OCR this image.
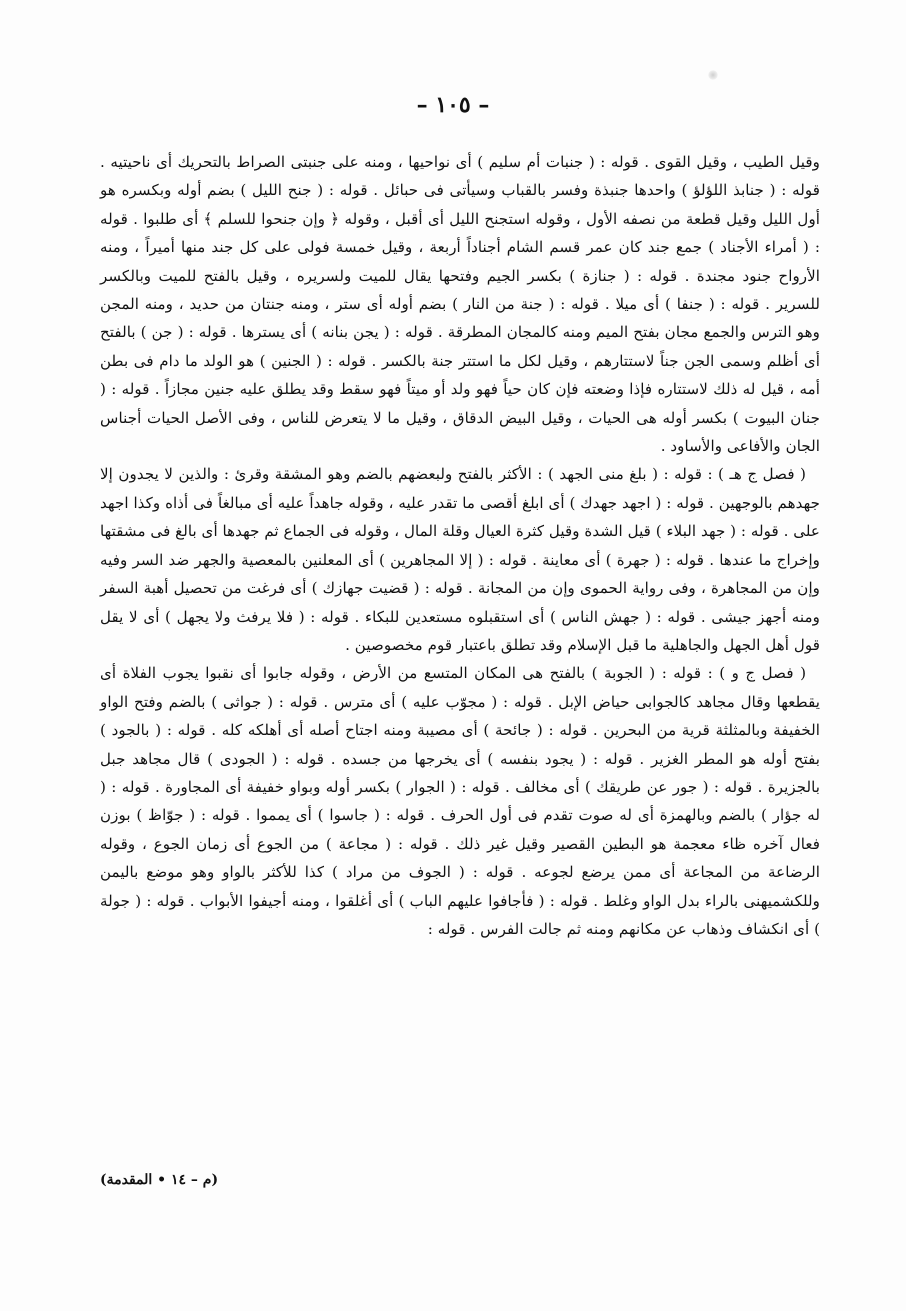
– ١٠٥ –

وقيل الطيب ، وقيل القوى . قوله : ( جنبات أم سليم ) أى نواحيها ، ومنه على جنبتى الصراط بالتحريك أى ناحيتيه . قوله : ( جنابذ اللؤلؤ ) واحدها جنبذة وفسر بالقباب وسيأتى فى حبائل . قوله : ( جنح الليل ) بضم أوله وبكسره هو أول الليل وقيل قطعة من نصفه الأول ، وقوله استجنح الليل أى أقبل ، وقوله ﴿ وإن جنحوا للسلم ﴾ أى طلبوا . قوله : ( أمراء الأجناد ) جمع جند كان عمر قسم الشام أجناداً أربعة ، وقيل خمسة فولى على كل جند منها أميراً ، ومنه الأرواح جنود مجندة . قوله : ( جنازة ) بكسر الجيم وفتحها يقال للميت ولسريره ، وقيل بالفتح للميت وبالكسر للسرير . قوله : ( جنفا ) أى ميلا . قوله : ( جنة من النار ) بضم أوله أى ستر ، ومنه جنتان من حديد ، ومنه المجن وهو الترس والجمع مجان بفتح الميم ومنه كالمجان المطرقة . قوله : ( يجن بنانه ) أى يسترها . قوله : ( جن ) بالفتح أى أظلم وسمى الجن جناً لاستتارهم ، وقيل لكل ما استتر جنة بالكسر . قوله : ( الجنين ) هو الولد ما دام فى بطن أمه ، قيل له ذلك لاستتاره فإذا وضعته فإن كان حياً فهو ولد أو ميتاً فهو سقط وقد يطلق عليه جنين مجازاً . قوله : ( جنان البيوت ) بكسر أوله هى الحيات ، وقيل البيض الدقاق ، وقيل ما لا يتعرض للناس ، وفى الأصل الحيات أجناس الجان والأفاعى والأساود .

( فصل ج هـ ) : قوله : ( بلغ منى الجهد ) : الأكثر بالفتح ولبعضهم بالضم وهو المشقة وقرئ : والذين لا يجدون إلا جهدهم بالوجهين . قوله : ( اجهد جهدك ) أى ابلغ أقصى ما تقدر عليه ، وقوله جاهداً عليه أى مبالغاً فى أذاه وكذا اجهد على . قوله : ( جهد البلاء ) قيل الشدة وقيل كثرة العيال وقلة المال ، وقوله فى الجماع ثم جهدها أى بالغ فى مشقتها وإخراج ما عندها . قوله : ( جهرة ) أى معاينة . قوله : ( إلا المجاهرين ) أى المعلنين بالمعصية والجهر ضد السر وفيه وإن من المجاهرة ، وفى رواية الحموى وإن من المجانة . قوله : ( قضيت جهازك ) أى فرغت من تحصيل أهبة السفر ومنه أجهز جيشى . قوله : ( جهش الناس ) أى استقبلوه مستعدين للبكاء . قوله : ( فلا يرفث ولا يجهل ) أى لا يقل قول أهل الجهل والجاهلية ما قبل الإسلام وقد تطلق باعتبار قوم مخصوصين .

( فصل ج و ) : قوله : ( الجوبة ) بالفتح هى المكان المتسع من الأرض ، وقوله جابوا أى نقبوا يجوب الفلاة أى يقطعها وقال مجاهد كالجوابى حياض الإبل . قوله : ( مجوّب عليه ) أى مترس . قوله : ( جواثى ) بالضم وفتح الواو الخفيفة وبالمثلثة قرية من البحرين . قوله : ( جائحة ) أى مصيبة ومنه اجتاح أصله أى أهلكه كله . قوله : ( بالجود ) بفتح أوله هو المطر الغزير . قوله : ( يجود بنفسه ) أى يخرجها من جسده . قوله : ( الجودى ) قال مجاهد جبل بالجزيرة . قوله : ( جور عن طريقك ) أى مخالف . قوله : ( الجوار ) بكسر أوله وبواو خفيفة أى المجاورة . قوله : ( له جؤار ) بالضم وبالهمزة أى له صوت تقدم فى أول الحرف . قوله : ( جاسوا ) أى يمموا . قوله : ( جوّاظ ) بوزن فعال آخره ظاء معجمة هو البطين القصير وقيل غير ذلك . قوله : ( مجاعة ) من الجوع أى زمان الجوع ، وقوله الرضاعة من المجاعة أى ممن يرضع لجوعه . قوله : ( الجوف من مراد ) كذا للأكثر بالواو وهو موضع باليمن وللكشميهنى بالراء بدل الواو وغلط . قوله : ( فأجافوا عليهم الباب ) أى أغلقوا ، ومنه أجيفوا الأبواب . قوله : ( جولة ) أى انكشاف وذهاب عن مكانهم ومنه ثم جالت الفرس . قوله :

(م – ١٤ • المقدمة)
